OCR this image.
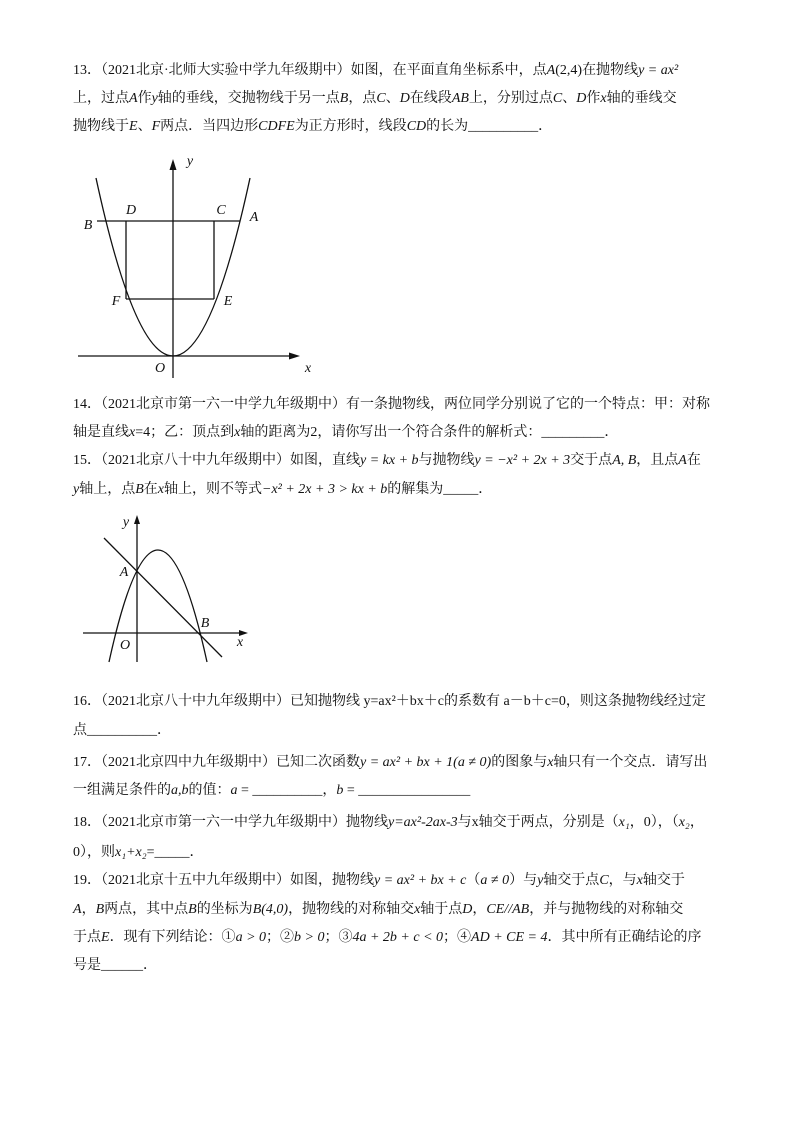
13．（2021北京·北师大实验中学九年级期中）如图，在平面直角坐标系中，点A(2,4)在抛物线y = ax²
上，过点A作y轴的垂线，交抛物线于另一点B，点C、D在线段AB上，分别过点C、D作x轴的垂线交
抛物线于E、F两点．当四边形CDFE为正方形时，线段CD的长为__________．
y
x
O
B
D	C A
F	E
14．（2021北京市第一六一中学九年级期中）有一条抛物线，两位同学分别说了它的一个特点：甲：对称
轴是直线x=4；乙：顶点到x轴的距离为2，请你写出一个符合条件的解析式：_________．
15．（2021北京八十中九年级期中）如图，直线y = kx + b与抛物线y = −x² + 2x + 3交于点A, B，且点A在
y轴上，点B在x轴上，则不等式−x² + 2x + 3 > kx + b的解集为_____．
y
x
O
A
B
16．（2021北京八十中九年级期中）已知抛物线 y=ax²＋bx＋c的系数有 a－b＋c=0，则这条抛物线经过定
点__________．
17．（2021北京四中九年级期中）已知二次函数y = ax² + bx + 1(a ≠ 0)的图象与x轴只有一个交点．请写出
一组满足条件的a,b的值：a = __________，b = ________________
18．（2021北京市第一六一中学九年级期中）抛物线y=ax²-2ax-3与x轴交于两点，分别是（x₁，0），（x₂，
0），则x₁+x₂=_____．
19．（2021北京十五中九年级期中）如图，抛物线y = ax² + bx + c（a ≠ 0）与y轴交于点C，与x轴交于
A，B两点，其中点B的坐标为B(4,0)，抛物线的对称轴交x轴于点D，CE//AB，并与抛物线的对称轴交
于点E．现有下列结论：①a > 0；②b > 0；③4a + 2b + c < 0；④AD + CE = 4．其中所有正确结论的序
号是______．
